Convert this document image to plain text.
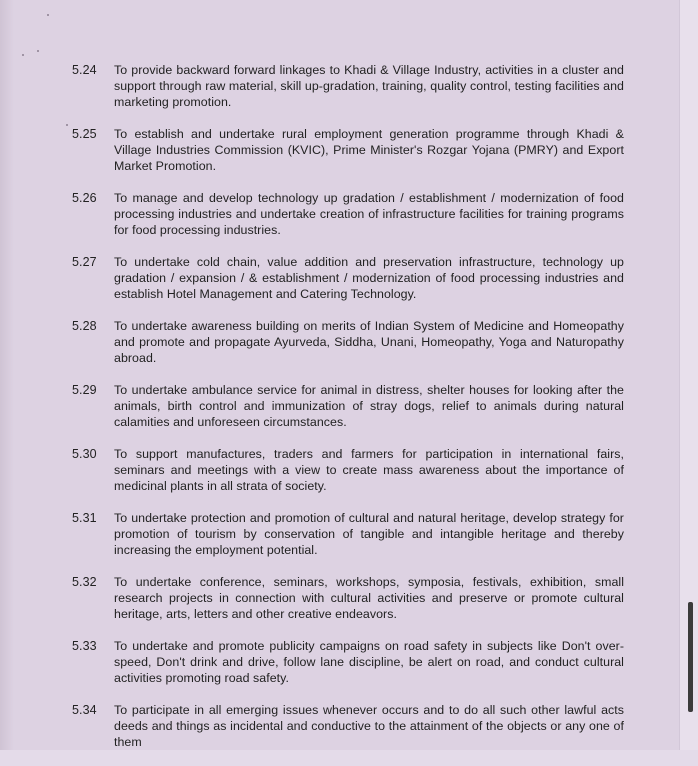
5.24	To provide backward forward linkages to Khadi & Village Industry, activities in a cluster and support through raw material, skill up-gradation, training, quality control, testing facilities and marketing promotion.
5.25	To establish and undertake rural employment generation programme through Khadi & Village Industries Commission (KVIC), Prime Minister's Rozgar Yojana (PMRY) and Export Market Promotion.
5.26	To manage and develop technology up gradation / establishment / modernization of food processing industries and undertake creation of infrastructure facilities for training programs for food processing industries.
5.27	To undertake cold chain, value addition and preservation infrastructure, technology up gradation / expansion / & establishment / modernization of food processing industries and establish Hotel Management and Catering Technology.
5.28	To undertake awareness building on merits of Indian System of Medicine and Homeopathy and promote and propagate Ayurveda, Siddha, Unani, Homeopathy, Yoga and Naturopathy abroad.
5.29	To undertake ambulance service for animal in distress, shelter houses for looking after the animals, birth control and immunization of stray dogs, relief to animals during natural calamities and unforeseen circumstances.
5.30	To support manufactures, traders and farmers for participation in international fairs, seminars and meetings with a view to create mass awareness about the importance of medicinal plants in all strata of society.
5.31	To undertake protection and promotion of cultural and natural heritage, develop strategy for promotion of tourism by conservation of tangible and intangible heritage and thereby increasing the employment potential.
5.32	To undertake conference, seminars, workshops, symposia, festivals, exhibition, small research projects in connection with cultural activities and preserve or promote cultural heritage, arts, letters and other creative endeavors.
5.33	To undertake and promote publicity campaigns on road safety in subjects like Don't over-speed, Don't drink and drive, follow lane discipline, be alert on road, and conduct cultural activities promoting road safety.
5.34	To participate in all emerging issues whenever occurs and to do all such other lawful acts deeds and things as incidental and conductive to the attainment of the objects or any one of them
